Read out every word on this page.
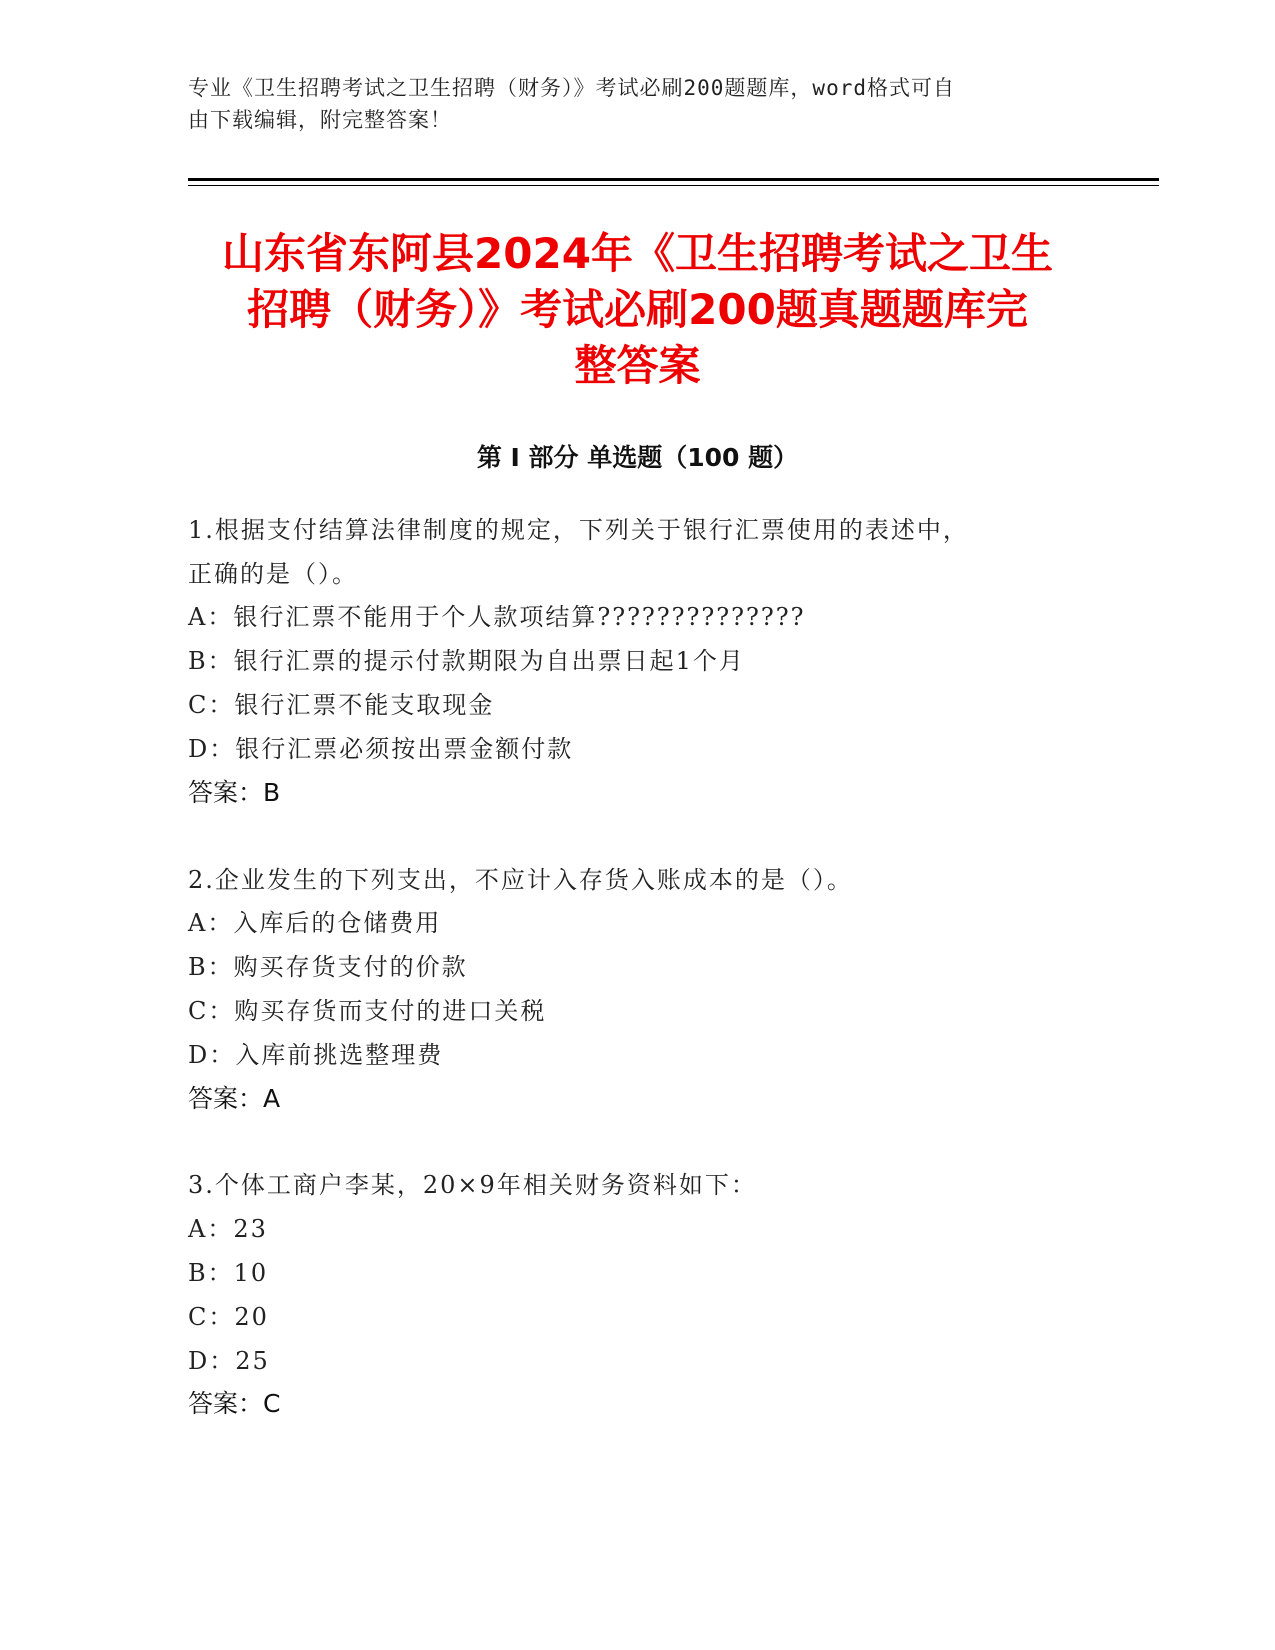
专业《卫生招聘考试之卫生招聘（财务）》考试必刷200题题库，word格式可自
由下载编辑，附完整答案！
山东省东阿县2024年《卫生招聘考试之卫生
招聘（财务）》考试必刷200题真题题库完
整答案
第 I 部分 单选题（100 题）
1.根据支付结算法律制度的规定，下列关于银行汇票使用的表述中，
正确的是（）。
A：银行汇票不能用于个人款项结算??????????????
B：银行汇票的提示付款期限为自出票日起1个月
C：银行汇票不能支取现金
D：银行汇票必须按出票金额付款
答案：B
2.企业发生的下列支出，不应计入存货入账成本的是（）。
A：入库后的仓储费用
B：购买存货支付的价款
C：购买存货而支付的进口关税
D：入库前挑选整理费
答案：A
3.个体工商户李某，20×9年相关财务资料如下：
A：23
B：10
C：20
D：25
答案：C
